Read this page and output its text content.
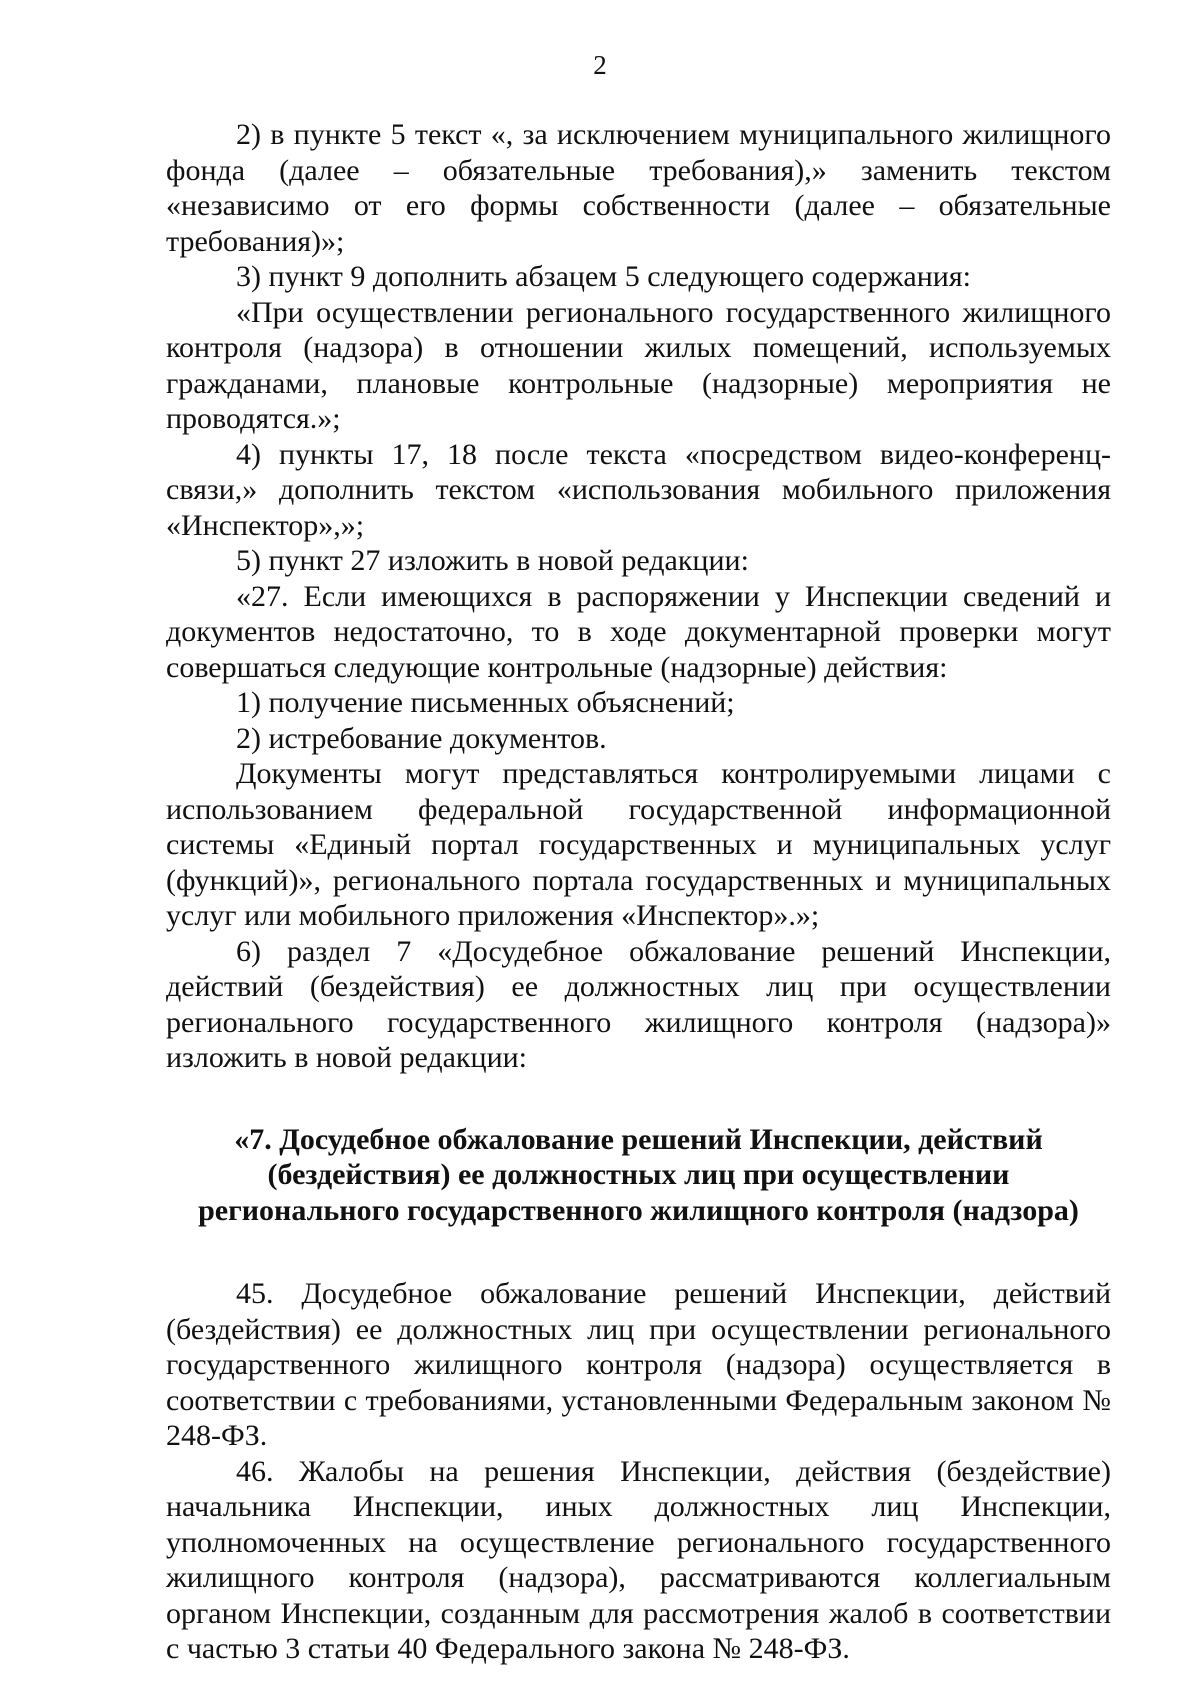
2

2) в пункте 5 текст «, за исключением муниципального жилищного фонда (далее – обязательные требования),» заменить текстом «независимо от его формы собственности (далее – обязательные требования)»;

3) пункт 9 дополнить абзацем 5 следующего содержания:

«При осуществлении регионального государственного жилищного контроля (надзора) в отношении жилых помещений, используемых гражданами, плановые контрольные (надзорные) мероприятия не проводятся.»;

4) пункты 17, 18 после текста «посредством видео-конференц-связи,» дополнить текстом «использования мобильного приложения «Инспектор»,»;

5) пункт 27 изложить в новой редакции:

«27. Если имеющихся в распоряжении у Инспекции сведений и документов недостаточно, то в ходе документарной проверки могут совершаться следующие контрольные (надзорные) действия:

1) получение письменных объяснений;

2) истребование документов.

Документы могут представляться контролируемыми лицами с использованием федеральной государственной информационной системы «Единый портал государственных и муниципальных услуг (функций)», регионального портала государственных и муниципальных услуг или мобильного приложения «Инспектор».»;

6) раздел 7 «Досудебное обжалование решений Инспекции, действий (бездействия) ее должностных лиц при осуществлении регионального государственного жилищного контроля (надзора)» изложить в новой редакции:

«7. Досудебное обжалование решений Инспекции, действий
(бездействия) ее должностных лиц при осуществлении
регионального государственного жилищного контроля (надзора)

45. Досудебное обжалование решений Инспекции, действий (бездействия) ее должностных лиц при осуществлении регионального государственного жилищного контроля (надзора) осуществляется в соответствии с требованиями, установленными Федеральным законом № 248-ФЗ.

46. Жалобы на решения Инспекции, действия (бездействие) начальника Инспекции, иных должностных лиц Инспекции, уполномоченных на осуществление регионального государственного жилищного контроля (надзора), рассматриваются коллегиальным органом Инспекции, созданным для рассмотрения жалоб в соответствии с частью 3 статьи 40 Федерального закона № 248-ФЗ.
